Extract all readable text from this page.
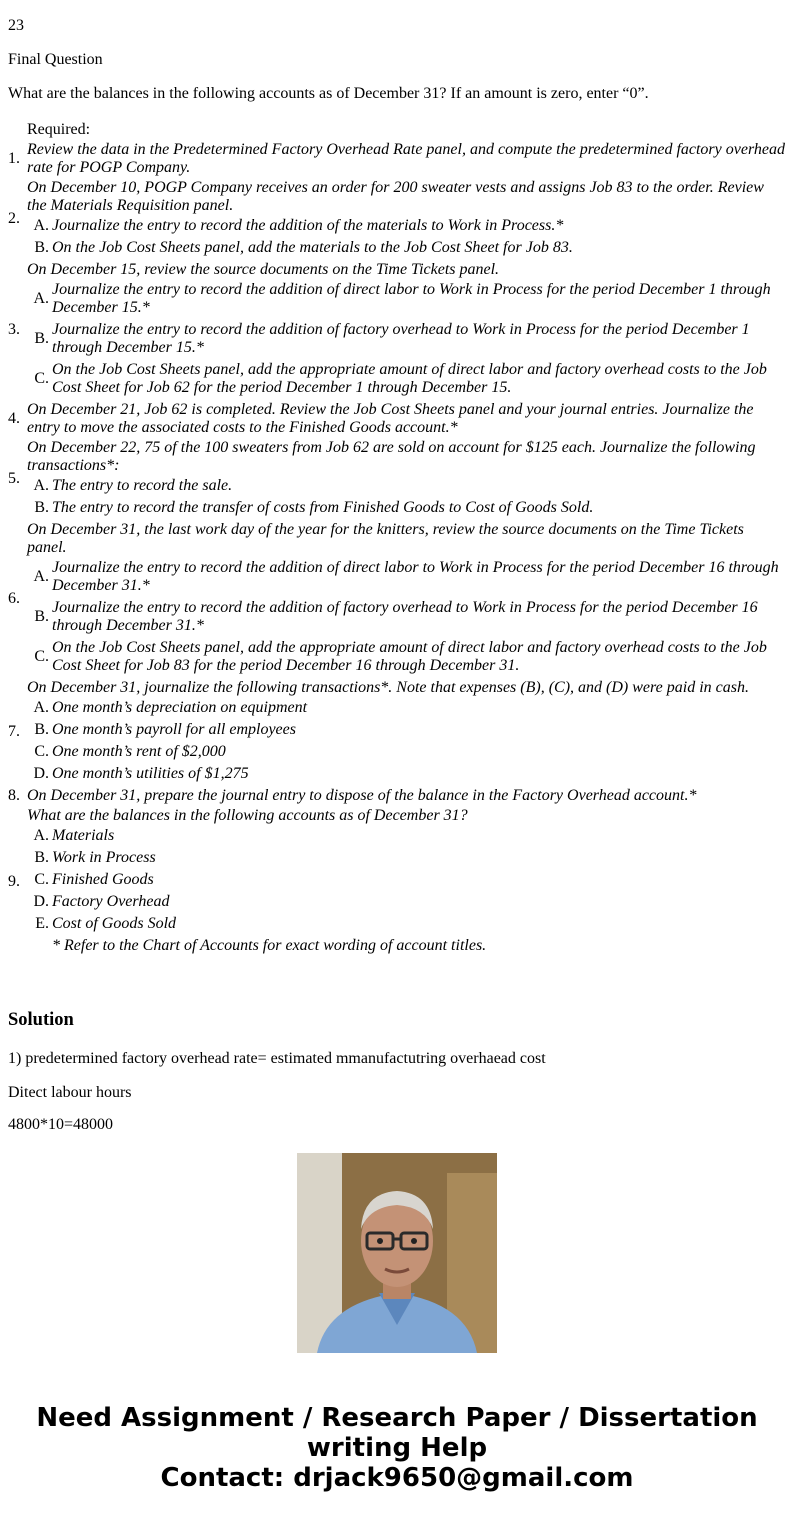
23

Final Question

What are the balances in the following accounts as of December 31? If an amount is zero, enter “0”.

	Required:
1.	
Review the data in the Predetermined Factory Overhead Rate panel, and compute the predetermined factory overhead rate for POGP Company.

2.	
On December 10, POGP Company receives an order for 200 sweater vests and assigns Job 83 to the order. Review the Materials Requisition panel.
A.	Journalize the entry to record the addition of the materials to Work in Process.*
B.	On the Job Cost Sheets panel, add the materials to the Job Cost Sheet for Job 83.

3.	
On December 15, review the source documents on the Time Tickets panel.
A.	Journalize the entry to record the addition of direct labor to Work in Process for the period December 1 through December 15.*
B.	Journalize the entry to record the addition of factory overhead to Work in Process for the period December 1 through December 15.*
C.	On the Job Cost Sheets panel, add the appropriate amount of direct labor and factory overhead costs to the Job Cost Sheet for Job 62 for the period December 1 through December 15.

4.	
On December 21, Job 62 is completed. Review the Job Cost Sheets panel and your journal entries. Journalize the entry to move the associated costs to the Finished Goods account.*

5.	
On December 22, 75 of the 100 sweaters from Job 62 are sold on account for $125 each. Journalize the following transactions*:
A.	The entry to record the sale.
B.	The entry to record the transfer of costs from Finished Goods to Cost of Goods Sold.

6.	
On December 31, the last work day of the year for the knitters, review the source documents on the Time Tickets panel.
A.	Journalize the entry to record the addition of direct labor to Work in Process for the period December 16 through December 31.*
B.	Journalize the entry to record the addition of factory overhead to Work in Process for the period December 16 through December 31.*
C.	On the Job Cost Sheets panel, add the appropriate amount of direct labor and factory overhead costs to the Job Cost Sheet for Job 83 for the period December 16 through December 31.

7.	
On December 31, journalize the following transactions*. Note that expenses (B), (C), and (D) were paid in cash.
A.	One month’s depreciation on equipment
B.	One month’s payroll for all employees
C.	One month’s rent of $2,000
D.	One month’s utilities of $1,275

8.	On December 31, prepare the journal entry to dispose of the balance in the Factory Overhead account.*

9.	
What are the balances in the following accounts as of December 31?
A.	Materials
B.	Work in Process
C.	Finished Goods
D.	Factory Overhead
E.	Cost of Goods Sold
	* Refer to the Chart of Accounts for exact wording of account titles.
Solution

1) predetermined factory overhead rate= estimated mmanufactutring overhaead cost

Ditect labour hours

4800*10=48000

Need Assignment / Research Paper / Dissertation writing Help
Contact: drjack9650@gmail.com
